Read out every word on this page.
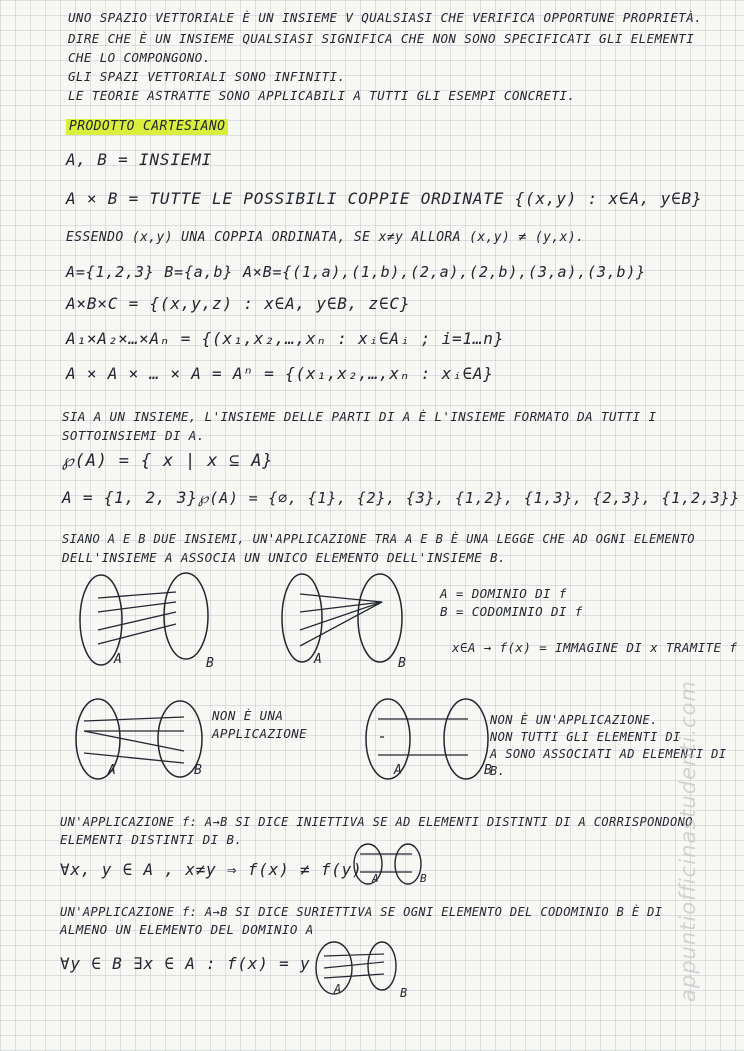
UNO SPAZIO VETTORIALE È UN INSIEME V QUALSIASI CHE VERIFICA OPPORTUNE PROPRIETÀ.
DIRE CHE È UN INSIEME QUALSIASI SIGNIFICA CHE NON SONO SPECIFICATI GLI ELEMENTI
CHE LO COMPONGONO.
GLI SPAZI VETTORIALI SONO INFINITI.
LE TEORIE ASTRATTE SONO APPLICABILI A TUTTI GLI ESEMPI CONCRETI.
PRODOTTO CARTESIANO
A, B = INSIEMI
A × B = TUTTE LE POSSIBILI COPPIE ORDINATE {(x,y) : x∈A, y∈B}
ESSENDO (x,y) UNA COPPIA ORDINATA, SE x≠y ALLORA (x,y) ≠ (y,x).
A={1,2,3} B={a,b} A×B={(1,a),(1,b),(2,a),(2,b),(3,a),(3,b)}
A×B×C = {(x,y,z) : x∈A, y∈B, z∈C}
A₁×A₂×…×Aₙ = {(x₁,x₂,…,xₙ : xᵢ∈Aᵢ ; i=1…n}
A × A × … × A = Aⁿ = {(x₁,x₂,…,xₙ : xᵢ∈A}
SIA A UN INSIEME, L'INSIEME DELLE PARTI DI A È L'INSIEME FORMATO DA TUTTI I
SOTTOINSIEMI DI A.
℘(A) = { x | x ⊆ A}
A = {1, 2, 3} ℘(A) = {∅, {1}, {2}, {3}, {1,2}, {1,3}, {2,3}, {1,2,3}}
SIANO A E B DUE INSIEMI, UN'APPLICAZIONE TRA A E B È UNA LEGGE CHE AD OGNI ELEMENTO
DELL'INSIEME A ASSOCIA UN UNICO ELEMENTO DELL'INSIEME B.
A	B	A	B
A = DOMINIO DI f
B = CODOMINIO DI f
x∈A → f(x) = IMMAGINE DI x TRAMITE f
A	B
NON È UNA
APPLICAZIONE
A	B
NON È UN'APPLICAZIONE.
NON TUTTI GLI ELEMENTI DI
A SONO ASSOCIATI AD ELEMENTI DI
B.
UN'APPLICAZIONE f: A→B SI DICE INIETTIVA SE AD ELEMENTI DISTINTI DI A CORRISPONDONO
ELEMENTI DISTINTI DI B.
∀x, y ∈ A , x≠y ⇒ f(x) ≠ f(y) A	B
UN'APPLICAZIONE f: A→B SI DICE SURIETTIVA SE OGNI ELEMENTO DEL CODOMINIO B È DI
ALMENO UN ELEMENTO DEL DOMINIO A
∀y ∈ B ∃x ∈ A : f(x) = y
A	B	appuntiofficinastudenti.com
